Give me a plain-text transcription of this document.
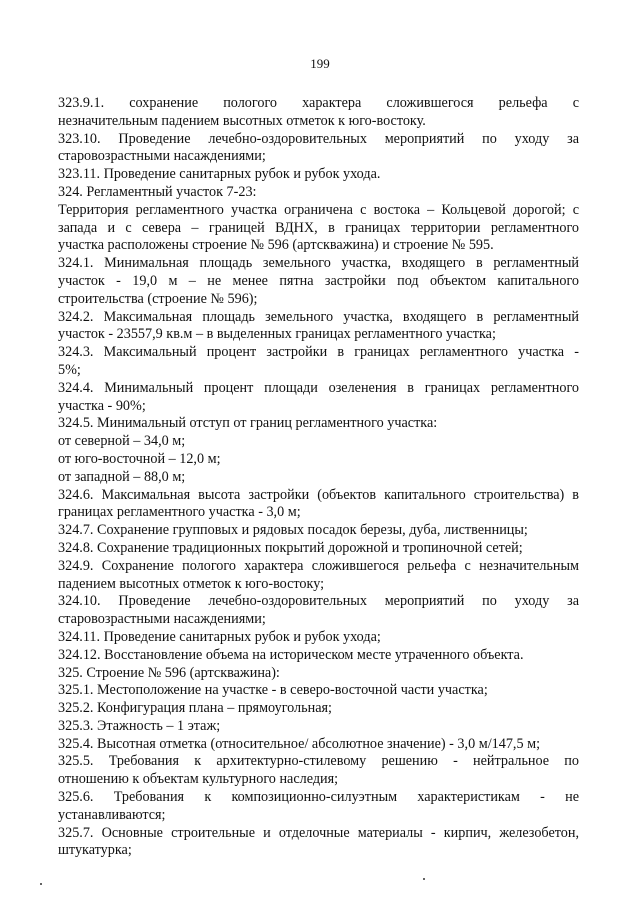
199
323.9.1. сохранение пологого характера сложившегося рельефа с
незначительным падением высотных отметок к юго-востоку.
323.10. Проведение лечебно-оздоровительных мероприятий по уходу за
старовозрастными насаждениями;
323.11. Проведение санитарных рубок и рубок ухода.
324. Регламентный участок 7-23:
Территория регламентного участка ограничена с востока – Кольцевой дорогой; с
запада и с севера – границей ВДНХ, в границах территории регламентного
участка расположены строение № 596 (артскважина) и строение № 595.
324.1. Минимальная площадь земельного участка, входящего в регламентный
участок - 19,0 м – не менее пятна застройки под объектом капитального
строительства (строение № 596);
324.2. Максимальная площадь земельного участка, входящего в регламентный
участок - 23557,9 кв.м – в выделенных границах регламентного участка;
324.3. Максимальный процент застройки в границах регламентного участка -
5%;
324.4. Минимальный процент площади озеленения в границах регламентного
участка - 90%;
324.5. Минимальный отступ от границ регламентного участка:
от северной – 34,0 м;
от юго-восточной – 12,0 м;
от западной – 88,0 м;
324.6. Максимальная высота застройки (объектов капитального строительства) в
границах регламентного участка - 3,0 м;
324.7. Сохранение групповых и рядовых посадок березы, дуба, лиственницы;
324.8. Сохранение традиционных покрытий дорожной и тропиночной сетей;
324.9. Сохранение пологого характера сложившегося рельефа с незначительным
падением высотных отметок к юго-востоку;
324.10. Проведение лечебно-оздоровительных мероприятий по уходу за
старовозрастными насаждениями;
324.11. Проведение санитарных рубок и рубок ухода;
324.12. Восстановление объема на историческом месте утраченного объекта.
325. Строение № 596 (артскважина):
325.1. Местоположение на участке - в северо-восточной части участка;
325.2. Конфигурация плана – прямоугольная;
325.3. Этажность – 1 этаж;
325.4. Высотная отметка (относительное/ абсолютное значение) - 3,0 м/147,5 м;
325.5. Требования к архитектурно-стилевому решению - нейтральное по
отношению к объектам культурного наследия;
325.6. Требования к композиционно-силуэтным характеристикам - не
устанавливаются;
325.7. Основные строительные и отделочные материалы - кирпич, железобетон,
штукатурка;
